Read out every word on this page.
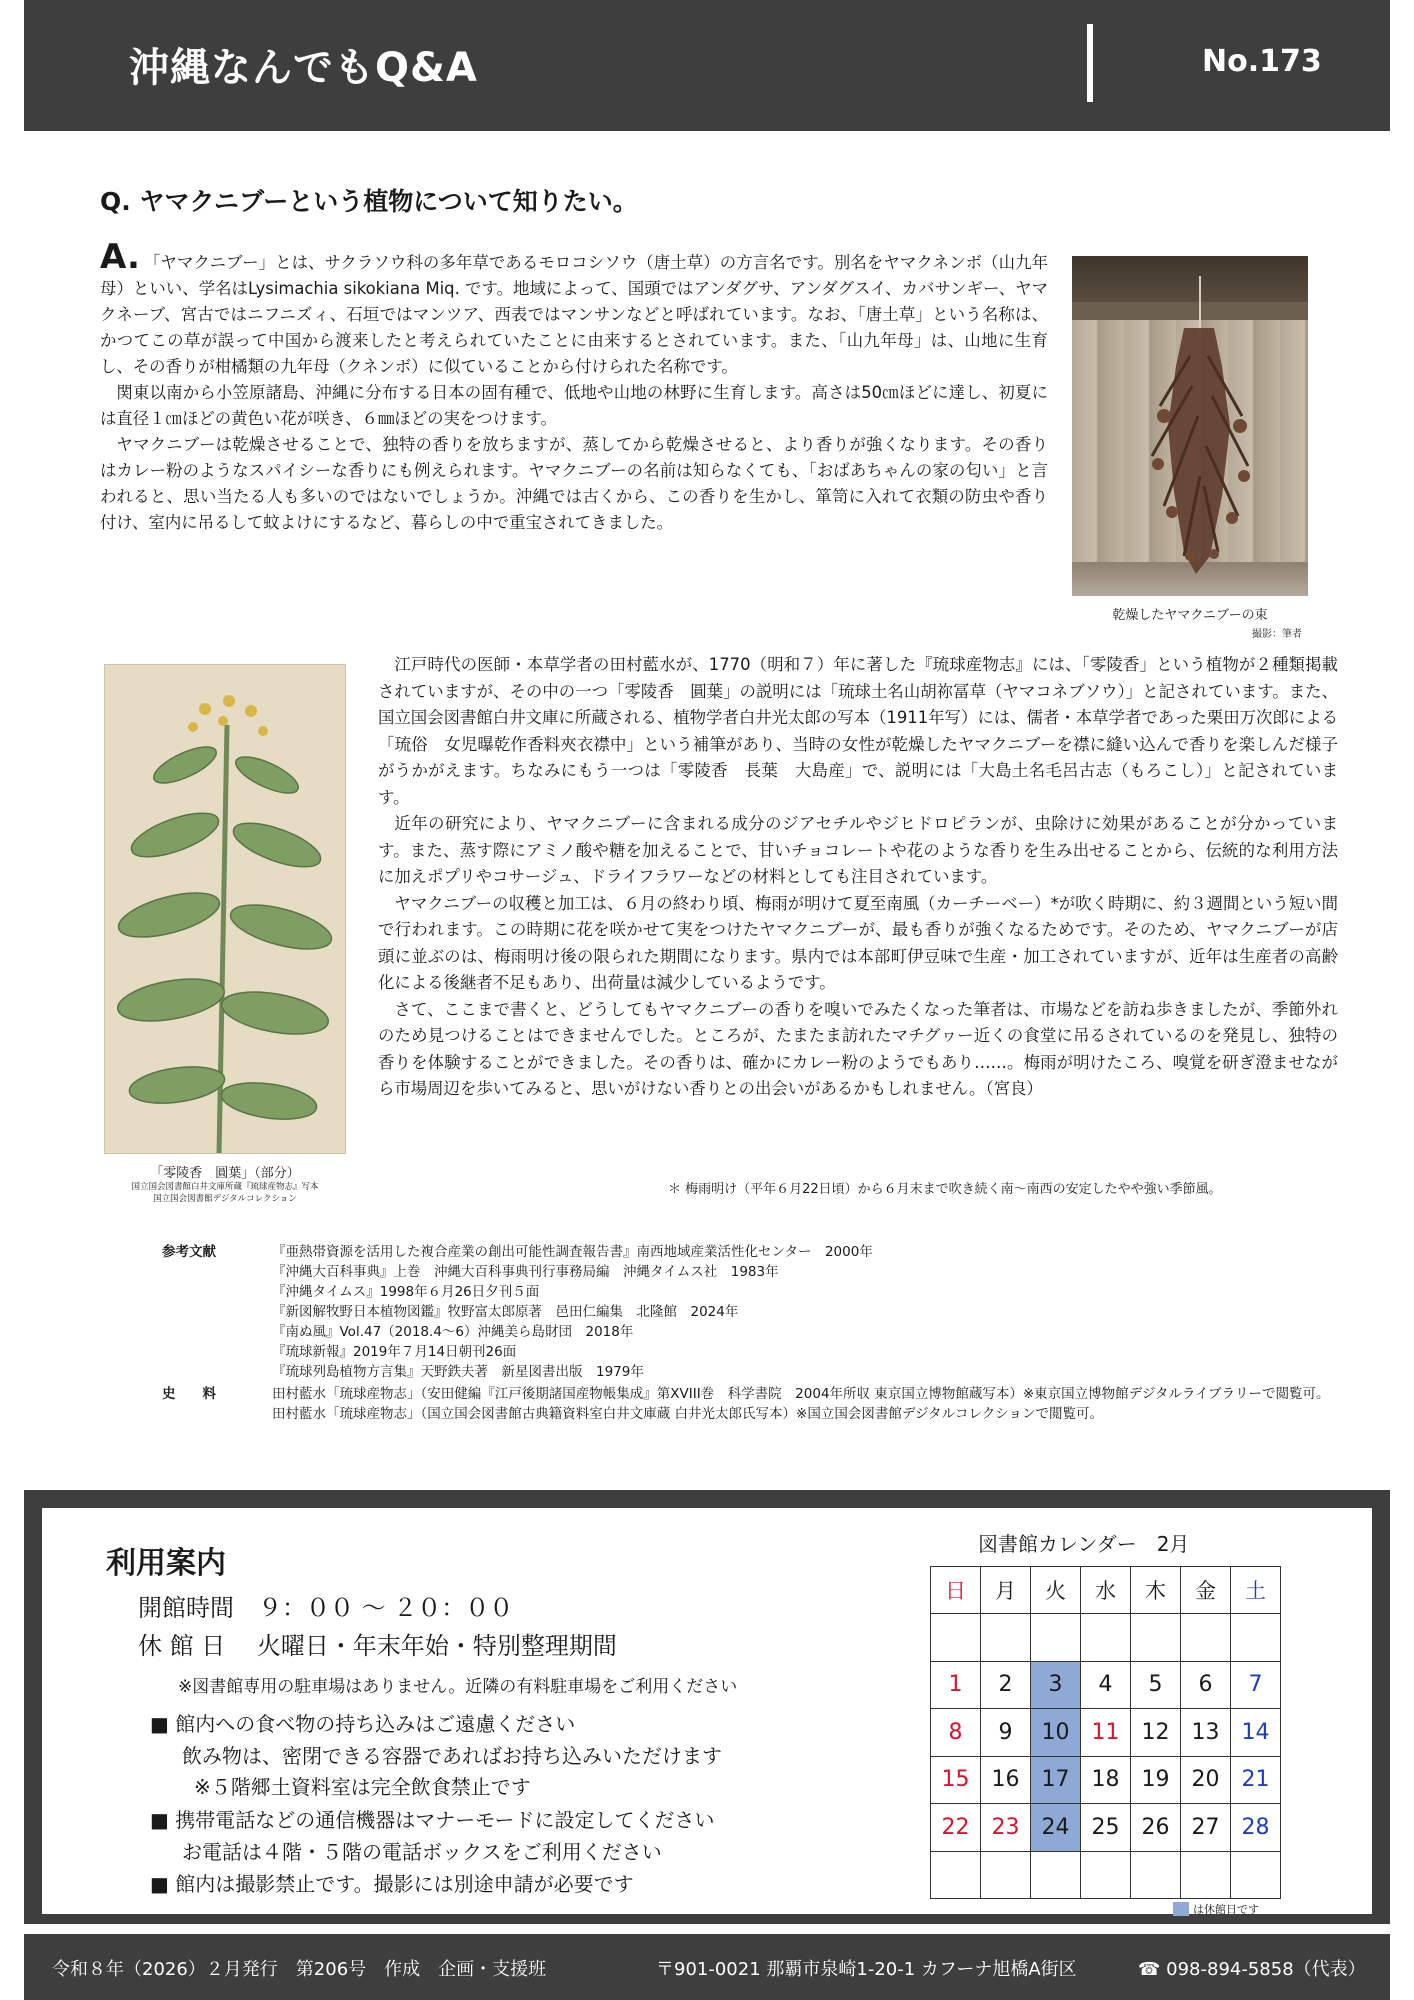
沖縄なんでもQ&A	No.173
Q. ヤマクニブーという植物について知りたい。

A. 「ヤマクニブー」とは、サクラソウ科の多年草であるモロコシソウ（唐土草）の方言名です。別名をヤマクネンボ（山九年母）といい、学名はLysimachia sikokiana Miq. です。地域によって、国頭ではアンダグサ、アンダグスイ、カバサンギー、ヤマクネーブ、宮古ではニフニズィ、石垣ではマンツア、西表ではマンサンなどと呼ばれています。なお、「唐土草」という名称は、かつてこの草が誤って中国から渡来したと考えられていたことに由来するとされています。また、「山九年母」は、山地に生育し、その香りが柑橘類の九年母（クネンボ）に似ていることから付けられた名称です。

関東以南から小笠原諸島、沖縄に分布する日本の固有種で、低地や山地の林野に生育します。高さは50㎝ほどに達し、初夏には直径１㎝ほどの黄色い花が咲き、６㎜ほどの実をつけます。

ヤマクニブーは乾燥させることで、独特の香りを放ちますが、蒸してから乾燥させると、より香りが強くなります。その香りはカレー粉のようなスパイシーな香りにも例えられます。ヤマクニブーの名前は知らなくても、「おばあちゃんの家の匂い」と言われると、思い当たる人も多いのではないでしょうか。沖縄では古くから、この香りを生かし、箪笥に入れて衣類の防虫や香り付け、室内に吊るして蚊よけにするなど、暮らしの中で重宝されてきました。

乾燥したヤマクニブーの束
撮影：筆者
「零陵香　圓葉」（部分）
国立国会図書館白井文庫所蔵『琉球産物志』写本
国立国会図書館デジタルコレクション

江戸時代の医師・本草学者の田村藍水が、1770（明和７）年に著した『琉球産物志』には、「零陵香」という植物が２種類掲載されていますが、その中の一つ「零陵香　圓葉」の説明には「琉球土名山胡祢冨草（ヤマコネブソウ）」と記されています。また、国立国会図書館白井文庫に所蔵される、植物学者白井光太郎の写本（1911年写）には、儒者・本草学者であった栗田万次郎による「琉俗　女児曝乾作香料夾衣襟中」という補筆があり、当時の女性が乾燥したヤマクニブーを襟に縫い込んで香りを楽しんだ様子がうかがえます。ちなみにもう一つは「零陵香　長葉　大島産」で、説明には「大島土名毛呂古志（もろこし）」と記されています。

近年の研究により、ヤマクニブーに含まれる成分のジアセチルやジヒドロピランが、虫除けに効果があることが分かっています。また、蒸す際にアミノ酸や糖を加えることで、甘いチョコレートや花のような香りを生み出せることから、伝統的な利用方法に加えポプリやコサージュ、ドライフラワーなどの材料としても注目されています。

ヤマクニブーの収穫と加工は、６月の終わり頃、梅雨が明けて夏至南風（カーチーベー）*が吹く時期に、約３週間という短い間で行われます。この時期に花を咲かせて実をつけたヤマクニブーが、最も香りが強くなるためです。そのため、ヤマクニブーが店頭に並ぶのは、梅雨明け後の限られた期間になります。県内では本部町伊豆味で生産・加工されていますが、近年は生産者の高齢化による後継者不足もあり、出荷量は減少しているようです。

さて、ここまで書くと、どうしてもヤマクニブーの香りを嗅いでみたくなった筆者は、市場などを訪ね歩きましたが、季節外れのため見つけることはできませんでした。ところが、たまたま訪れたマチグヮー近くの食堂に吊るされているのを発見し、独特の香りを体験することができました。その香りは、確かにカレー粉のようでもあり……。梅雨が明けたころ、嗅覚を研ぎ澄ませながら市場周辺を歩いてみると、思いがけない香りとの出会いがあるかもしれません。（宮良）

＊ 梅雨明け（平年６月22日頃）から６月末まで吹き続く南～南西の安定したやや強い季節風。
参考文献	『亜熱帯資源を活用した複合産業の創出可能性調査報告書』南西地域産業活性化センター　2000年
『沖縄大百科事典』上巻　沖縄大百科事典刊行事務局編　沖縄タイムス社　1983年
『沖縄タイムス』1998年６月26日夕刊５面
『新図解牧野日本植物図鑑』牧野富太郎原著　邑田仁編集　北隆館　2024年
『南ぬ風』Vol.47（2018.4～6）沖縄美ら島財団　2018年
『琉球新報』2019年７月14日朝刊26面
『琉球列島植物方言集』天野鉄夫著　新星図書出版　1979年
史　　料	田村藍水「琉球産物志」（安田健編『江戸後期諸国産物帳集成』第XVIII巻　科学書院　2004年所収 東京国立博物館蔵写本）※東京国立博物館デジタルライブラリーで閲覧可。
田村藍水「琉球産物志」（国立国会図書館古典籍資料室白井文庫蔵 白井光太郎氏写本）※国立国会図書館デジタルコレクションで閲覧可。
利用案内
開館時間　９：００ ～ ２０：００
休 館 日　 火曜日・年末年始・特別整理期間
※図書館専用の駐車場はありません。近隣の有料駐車場をご利用ください
■ 館内への食べ物の持ち込みはご遠慮ください
飲み物は、密閉できる容器であればお持ち込みいただけます
※５階郷土資料室は完全飲食禁止です
■ 携帯電話などの通信機器はマナーモードに設定してください
お電話は４階・５階の電話ボックスをご利用ください
■ 館内は撮影禁止です。撮影には別途申請が必要です
図書館カレンダー　2月
日	月	火	水	木	金	土

1	2	3	4	5	6	7
8	9	10	11	12	13	14
15	16	17	18	19	20	21
22	23	24	25	26	27	28

は休館日です
令和８年（2026）２月発行　第206号　作成　企画・支援班	〒901-0021 那覇市泉崎1-20-1 カフーナ旭橋A街区	☎ 098-894-5858（代表）
